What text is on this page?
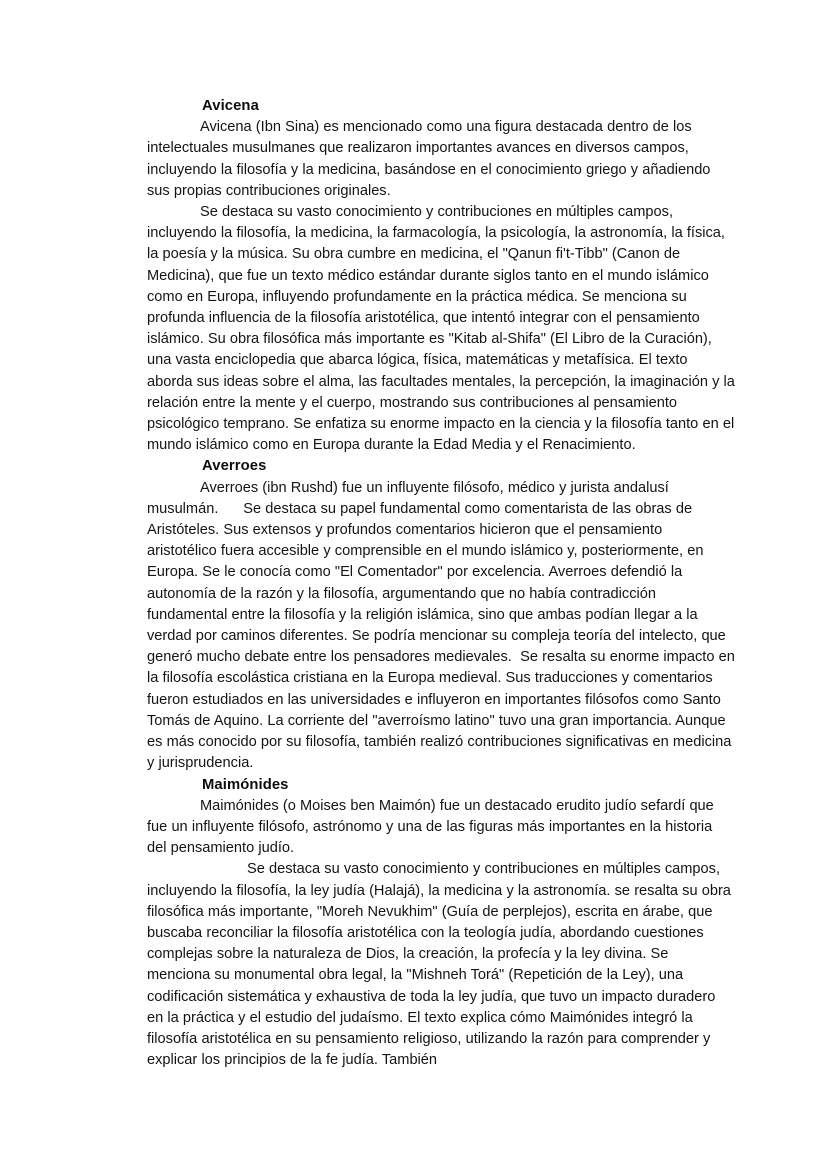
Avicena
Avicena (Ibn Sina) es mencionado como una figura destacada dentro de los intelectuales musulmanes que realizaron importantes avances en diversos campos, incluyendo la filosofía y la medicina, basándose en el conocimiento griego y añadiendo sus propias contribuciones originales.
Se destaca su vasto conocimiento y contribuciones en múltiples campos, incluyendo la filosofía, la medicina, la farmacología, la psicología, la astronomía, la física, la poesía y la música. Su obra cumbre en medicina, el "Qanun fi't-Tibb" (Canon de Medicina), que fue un texto médico estándar durante siglos tanto en el mundo islámico como en Europa, influyendo profundamente en la práctica médica. Se menciona su profunda influencia de la filosofía aristotélica, que intentó integrar con el pensamiento islámico. Su obra filosófica más importante es "Kitab al-Shifa" (El Libro de la Curación), una vasta enciclopedia que abarca lógica, física, matemáticas y metafísica. El texto aborda sus ideas sobre el alma, las facultades mentales, la percepción, la imaginación y la relación entre la mente y el cuerpo, mostrando sus contribuciones al pensamiento psicológico temprano. Se enfatiza su enorme impacto en la ciencia y la filosofía tanto en el mundo islámico como en Europa durante la Edad Media y el Renacimiento.
Averroes
Averroes (ibn Rushd) fue un influyente filósofo, médico y jurista andalusí musulmán.      Se destaca su papel fundamental como comentarista de las obras de Aristóteles. Sus extensos y profundos comentarios hicieron que el pensamiento aristotélico fuera accesible y comprensible en el mundo islámico y, posteriormente, en Europa. Se le conocía como "El Comentador" por excelencia. Averroes defendió la autonomía de la razón y la filosofía, argumentando que no había contradicción fundamental entre la filosofía y la religión islámica, sino que ambas podían llegar a la verdad por caminos diferentes. Se podría mencionar su compleja teoría del intelecto, que generó mucho debate entre los pensadores medievales.  Se resalta su enorme impacto en la filosofía escolástica cristiana en la Europa medieval. Sus traducciones y comentarios fueron estudiados en las universidades e influyeron en importantes filósofos como Santo Tomás de Aquino. La corriente del "averroísmo latino" tuvo una gran importancia. Aunque es más conocido por su filosofía, también realizó contribuciones significativas en medicina y jurisprudencia.
Maimónides
Maimónides (o Moises ben Maimón) fue un destacado erudito judío sefardí que fue un influyente filósofo, astrónomo y una de las figuras más importantes en la historia del pensamiento judío.
Se destaca su vasto conocimiento y contribuciones en múltiples campos, incluyendo la filosofía, la ley judía (Halajá), la medicina y la astronomía. se resalta su obra filosófica más importante, "Moreh Nevukhim" (Guía de perplejos), escrita en árabe, que buscaba reconciliar la filosofía aristotélica con la teología judía, abordando cuestiones complejas sobre la naturaleza de Dios, la creación, la profecía y la ley divina. Se menciona su monumental obra legal, la "Mishneh Torá" (Repetición de la Ley), una codificación sistemática y exhaustiva de toda la ley judía, que tuvo un impacto duradero en la práctica y el estudio del judaísmo. El texto explica cómo Maimónides integró la filosofía aristotélica en su pensamiento religioso, utilizando la razón para comprender y explicar los principios de la fe judía. También
